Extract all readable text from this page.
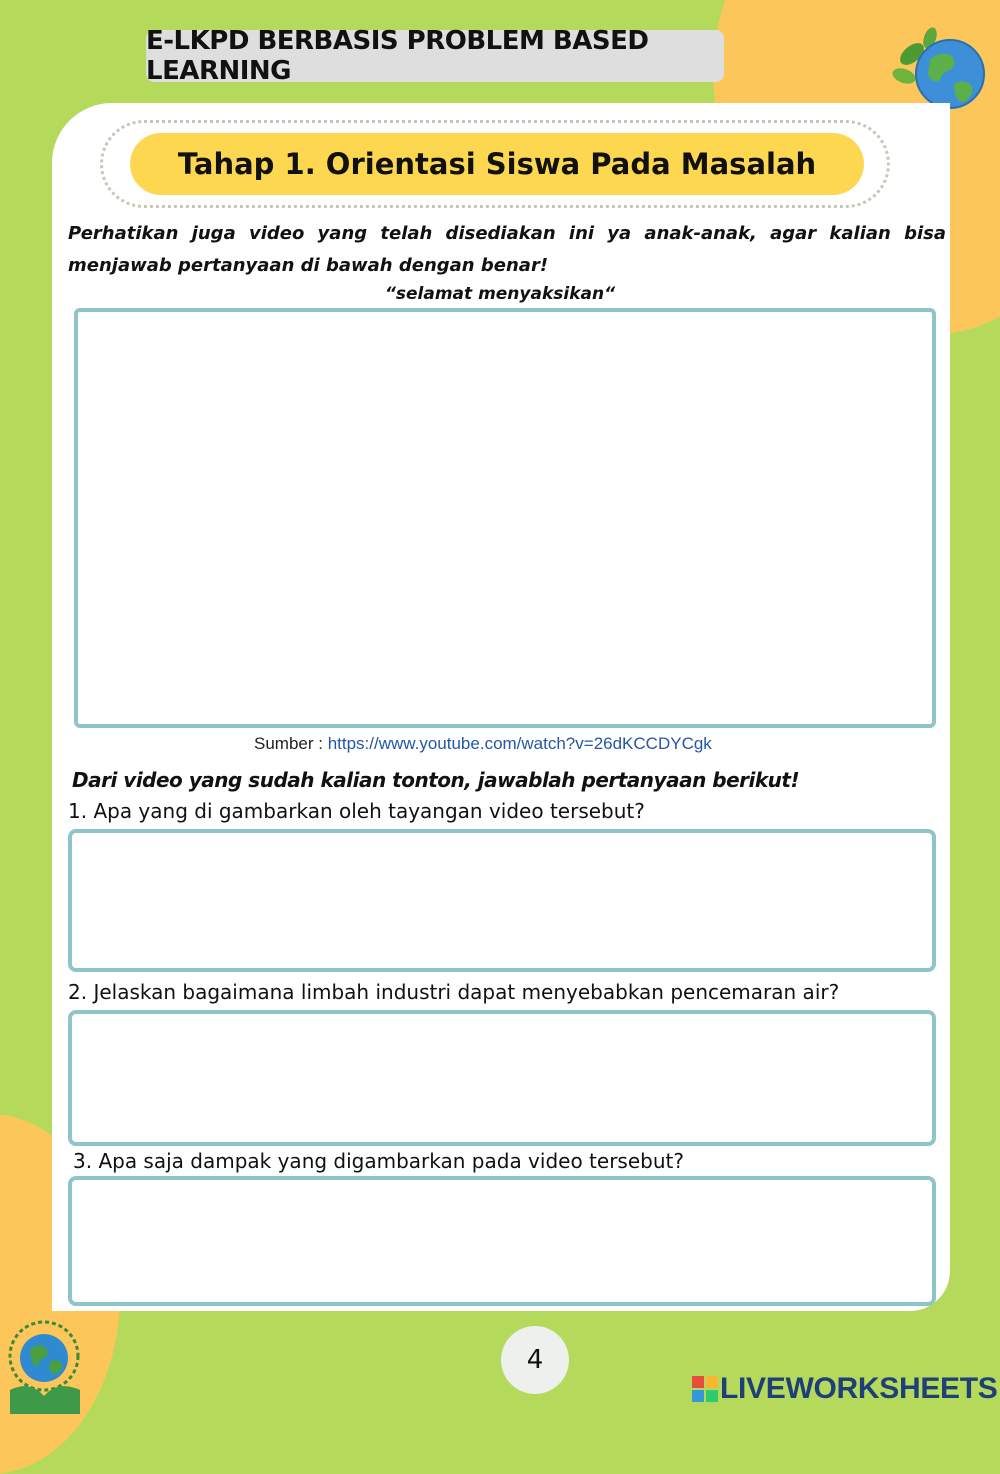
E-LKPD BERBASIS PROBLEM BASED LEARNING
Tahap 1. Orientasi Siswa Pada Masalah
Perhatikan juga video yang telah disediakan ini ya anak-anak, agar kalian bisa menjawab pertanyaan di bawah dengan benar!
“selamat menyaksikan“
Sumber : https://www.youtube.com/watch?v=26dKCCDYCgk
Dari video yang sudah kalian tonton, jawablah pertanyaan berikut!
1. Apa yang di gambarkan oleh tayangan video tersebut?
2. Jelaskan bagaimana limbah industri dapat menyebabkan pencemaran air?
3. Apa saja dampak yang digambarkan pada video tersebut?
4
LIVEWORKSHEETS
